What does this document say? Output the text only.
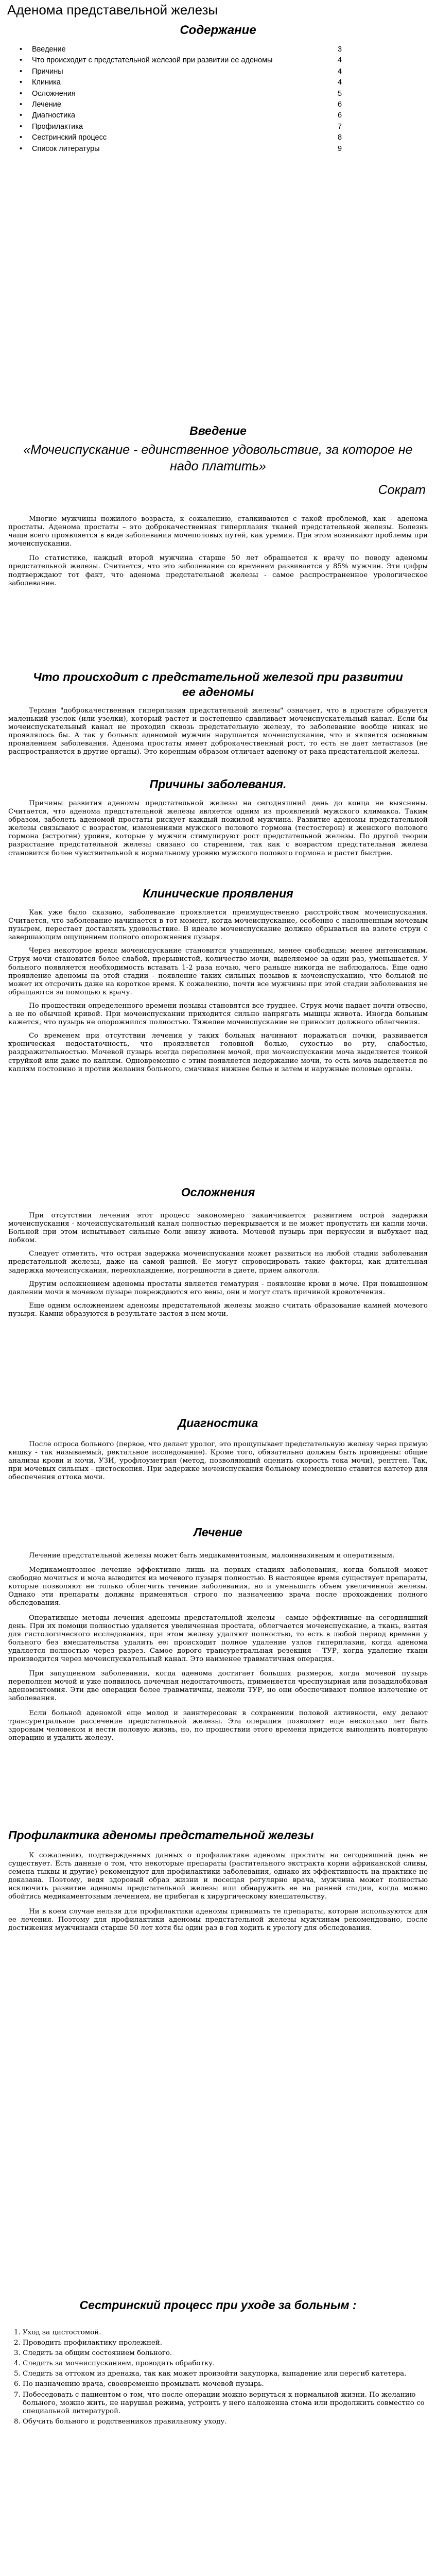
Аденома представельной железы
Содержание
• Введение	3
• Что происходит с предстательной железой при развитии ее аденомы	4
• Причины	4
• Клиника	4
• Осложнения	5
• Лечение	6
• Диагностика	6
• Профилактика	7
• Сестринский процесс	8
• Список литературы	9
Введение

«Мочеиспускание - единственное удовольствие, за которое не

надо платить»

Сократ

Многие мужчины пожилого возраста, к сожалению, сталкиваются с такой проблемой, как - аденома простаты. Аденома простаты – это доброкачественная гиперплазия тканей предстательной железы. Болезнь чаще всего проявляется в виде заболевания мочеполовых путей, как уремия. При этом возникают проблемы при мочеиспускании.

По статистике, каждый второй мужчина старше 50 лет обращается к врачу по поводу аденомы предстательной железы. Считается, что это заболевание со временем развивается у 85% мужчин. Эти цифры подтверждают тот факт, что аденома предстательной железы - самое распространенное урологическое заболевание.

Что происходит с предстательной железой при развитии
ее аденомы

Термин "доброкачественная гиперплазия предстательной железы" означает, что в простате образуется маленький узелок (или узелки), который растет и постепенно сдавливает мочеиспускательный канал. Если бы мочеиспускательный канал не проходил сквозь предстательную железу, то заболевание вообще никак не проявлялось бы. А так у больных аденомой мужчин нарушается мочеиспускание, что и является основным проявлением заболевания. Аденома простаты имеет доброкачественный рост, то есть не дает метастазов (не распространяется в другие органы). Это коренным образом отличает аденому от рака предстательной железы.

Причины заболевания.

Причины развития аденомы предстательной железы на сегодняшний день до конца не выяснены. Считается, что аденома предстательной железы является одним из проявлений мужского климакса. Таким образом, забелеть аденомой простаты рискует каждый пожилой мужчина. Развитие аденомы предстательной железы связывают с возрастом, изменениями мужского полового гормона (тестостерон) и женского полового гормона (эстроген) уровня, которые у мужчин стимулируют рост предстательной железы. По другой теории разрастание предстательной железы связано со старением, так как с возрастом предстательная железа становится более чувствительной к нормальному уровню мужского полового гормона и растет быстрее.

Клинические проявления

Как уже было сказано, заболевание проявляется преимущественно расстройством мочеиспускания. Считается, что заболевание начинается в тот момент, когда мочеиспускание, особенно с наполненным мочевым пузырем, перестает доставлять удовольствие. В идеале мочеиспускание должно обрываться на взлете струи с завершающим ощущением полного опорожнения пузыря.

Через некоторое время мочеиспускание становится учащенным, менее свободным; менее интенсивным. Струя мочи становится более слабой, прерывистой, количество мочи, выделяемое за один раз, уменьшается. У больного появляется необходимость вставать 1-2 раза ночью, чего раньше никогда не наблюдалось. Еще одно проявление аденомы на этой стадии - появление таких сильных позывов к мочеиспусканию, что больной не может их отсрочить даже на короткое время. К сожалению, почти все мужчины при этой стадии заболевания не обращаются за помощью к врачу.

По прошествии определенного времени позывы становятся все труднее. Струя мочи падает почти отвесно, а не по обычной кривой. При мочеиспускании приходится сильно напрягать мышцы живота. Иногда больным кажется, что пузырь не опорожнился полностью. Тяжелее мочеиспускание не приносит должного облегчения.

Со временем при отсутствии лечения у таких больных начинают поражаться почки, развивается хроническая недостаточность, что проявляется головной болью, сухостью во рту, слабостью, раздражительностью. Мочевой пузырь всегда переполнен мочой, при мочеиспускании моча выделяется тонкой струйкой или даже по каплям. Одновременно с этим появляется недержание мочи, то есть моча выделяется по каплям постоянно и против желания больного, смачивая нижнее белье и затем и наружные половые органы.

Осложнения

При отсутствии лечения этот процесс закономерно заканчивается развитием острой задержки мочеиспускания - мочеиспускательный канал полностью перекрывается и не может пропустить ни капли мочи. Больной при этом испытывает сильные боли внизу живота. Мочевой пузырь при перкуссии и выбухает над лобком.

Следует отметить, что острая задержка мочеиспускания может развиться на любой стадии заболевания предстательной железы, даже на самой ранней. Ее могут спровоцировать такие факторы, как длительная задержка мочеиспускания, переохлаждение, погрешности в диете, прием алкоголя.

Другим осложнением аденомы простаты является гематурия - появление крови в моче. При повышенном давлении мочи в мочевом пузыре повреждаются его вены, они и могут стать причиной кровотечения.

Еще одним осложнением аденомы предстательной железы можно считать образование камней мочевого пузыря. Камни образуются в результате застоя в нем мочи.

Диагностика

После опроса больного (первое, что делает уролог, это прощупывает предстательную железу через прямую кишку - так называемый, ректальное исследование). Кроме того, обязательно должны быть проведены: общие анализы крови и мочи, УЗИ, урофлоуметрия (метод, позволяющий оценить скорость тока мочи), рентген. Так, при мочевых сильных - цистоскопия. При задержке мочеиспускания больному немедленно ставится катетер для обеспечения оттока мочи.

Лечение

Лечение предстательной железы может быть медикаментозным, малоинвазивным и оперативным.

Медикаментозное лечение эффективно лишь на первых стадиях заболевания, когда больной может свободно мочиться и моча выводится из мочевого пузыря полностью. В настоящее время существует препараты, которые позволяют не только облегчить течение заболевания, но и уменьшить объем увеличенной железы. Однако эти препараты должны применяться строго по назначению врача после прохождения полного обследования.

Оперативные методы лечения аденомы предстательной железы - самые эффективные на сегодняшний день. При их помощи полностью удаляется увеличенная простата, облегчается мочеиспускание, а ткань, взятая для гистологического исследования, при этом железу удаляют полностью, то есть в любой период времени у больного без вмешательства удалить ее: происходит полное удаление узлов гиперплазии, когда аденома удаляется полностью через разрез. Самое дорого трансуретральная резекция - ТУР, когда удаление ткани производится через мочеиспускательный канал. Это наименее травматичная операция.

При запущенном заболевании, когда аденома достигает больших размеров, когда мочевой пузырь переполнен мочой и уже появилось почечная недостаточность, применяется чреспузырная или позадилобковая аденомэктомия. Эти две операции более травматичны, нежели ТУР, но они обеспечивают полное излечение от заболевания.

Если больной аденомой еще молод и заинтересован в сохранении половой активности, ему делают трансуретральное рассечение предстательной железы. Эта операция позволяет еще несколько лет быть здоровым человеком и вести половую жизнь, но, по прошествии этого времени придется выполнить повторную операцию и удалить железу.

Профилактика аденомы предстательной железы

К сожалению, подтвержденных данных о профилактике аденомы простаты на сегодняшний день не существует. Есть данные о том, что некоторые препараты (растительного экстракта корни африканской сливы, семена тыквы и другие) рекомендуют для профилактики заболевания, однако их эффективность на практике не доказана. Поэтому, ведя здоровый образ жизни и посещая регулярно врача, мужчина может полностью исключить развитие аденомы предстательной железы или обнаружить ее на ранней стадии, когда можно обойтись медикаментозным лечением, не прибегая к хирургическому вмешательству.

Ни в коем случае нельзя для профилактики аденомы принимать те препараты, которые используются для ее лечения. Поэтому для профилактики аденомы предстательной железы мужчинам рекомендовано, после достижения мужчинами старше 50 лет хотя бы один раз в год ходить к урологу для обследования.

Сестринский процесс при уходе за больным :
1. Уход за цистостомой.
2. Проводить профилактику пролежней.
3. Следить за общим состоянием больного.
4. Следить за мочеиспусканием, проводить обработку.
5. Следить за оттоком из дренажа, так как может произойти закупорка, выпадение или перегиб катетера.
6. По назначению врача, своевременно промывать мочевой пузырь.
7. Побеседовать с пациентом о том, что после операции можно вернуться к нормальной жизни. По желанию больного, можно жить, не нарушая режима, устроить у него наложенна стома или продолжить совместно со специальной литературой.
8. Обучить больного и родственников правильному уходу.
